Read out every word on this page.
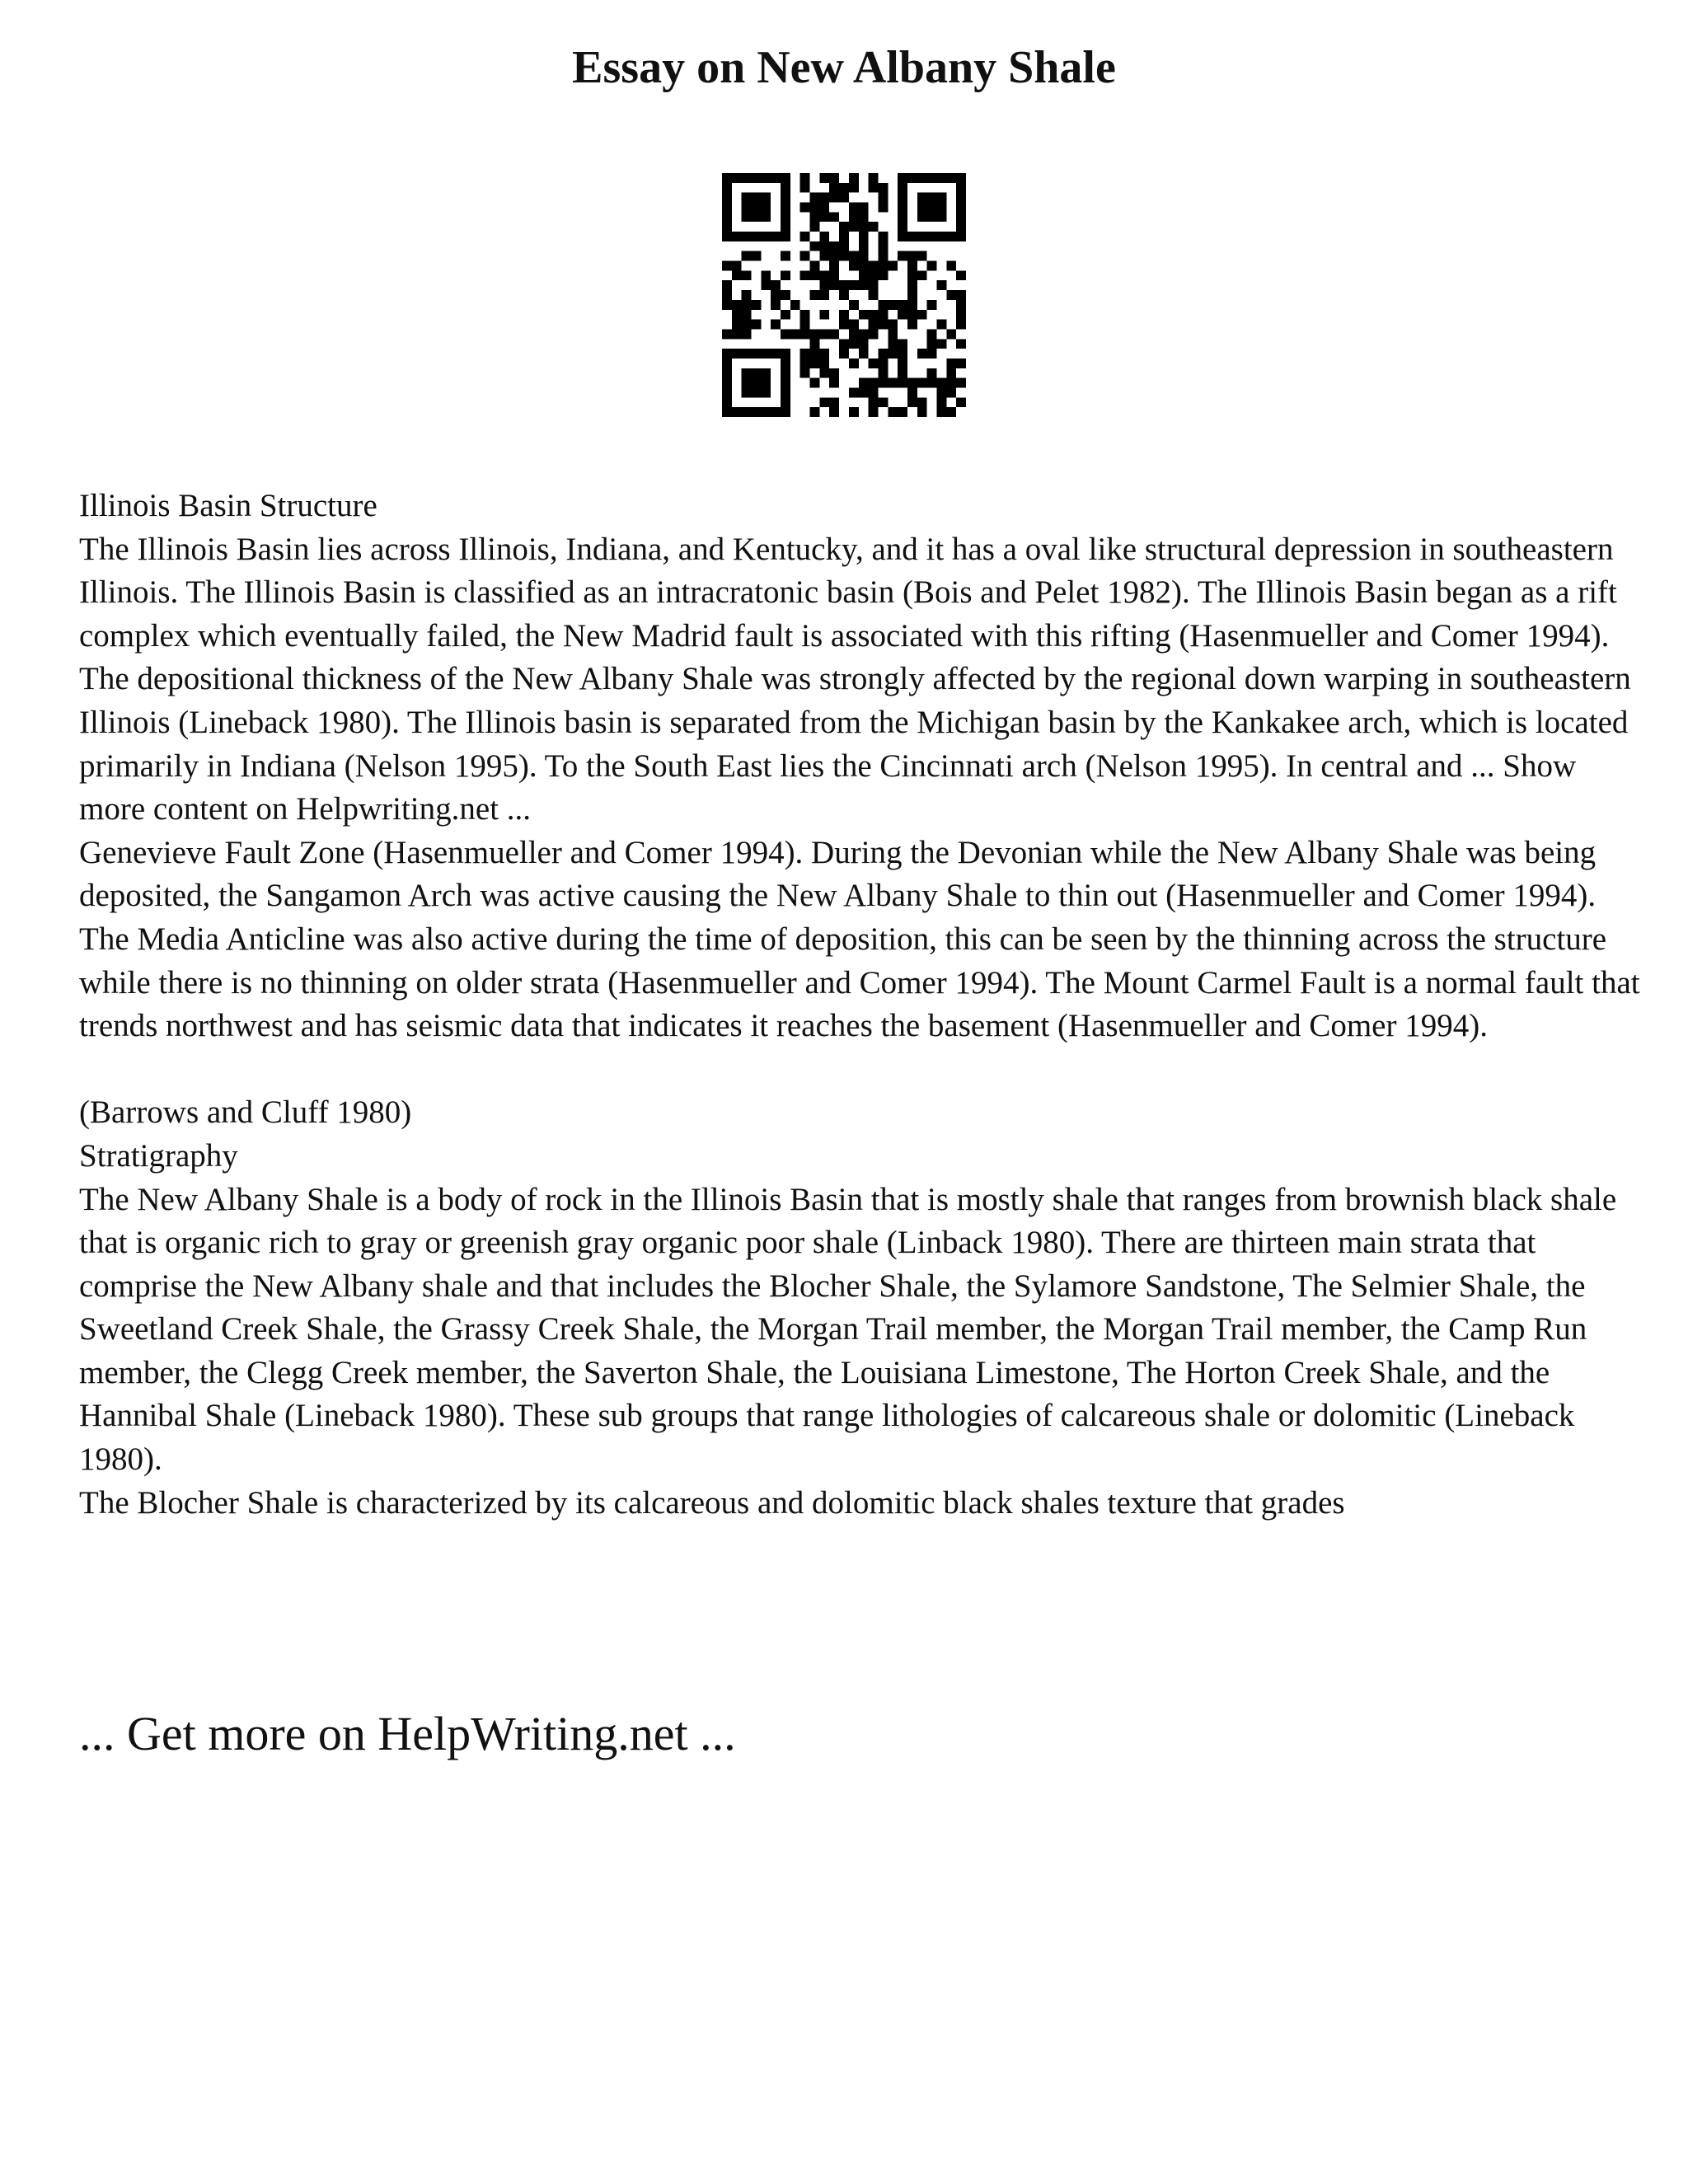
Essay on New Albany Shale

Illinois Basin Structure

The Illinois Basin lies across Illinois, Indiana, and Kentucky, and it has a oval like structural depression in southeastern Illinois. The Illinois Basin is classified as an intracratonic basin (Bois and Pelet 1982). The Illinois Basin began as a rift complex which eventually failed, the New Madrid fault is associated with this rifting (Hasenmueller and Comer 1994). The depositional thickness of the New Albany Shale was strongly affected by the regional down warping in southeastern Illinois (Lineback 1980). The Illinois basin is separated from the Michigan basin by the Kankakee arch, which is located primarily in Indiana (Nelson 1995). To the South East lies the Cincinnati arch (Nelson 1995). In central and ... Show more content on Helpwriting.net ...

Genevieve Fault Zone (Hasenmueller and Comer 1994). During the Devonian while the New Albany Shale was being deposited, the Sangamon Arch was active causing the New Albany Shale to thin out (Hasenmueller and Comer 1994). The Media Anticline was also active during the time of deposition, this can be seen by the thinning across the structure while there is no thinning on older strata (Hasenmueller and Comer 1994). The Mount Carmel Fault is a normal fault that trends northwest and has seismic data that indicates it reaches the basement (Hasenmueller and Comer 1994).

(Barrows and Cluff 1980)

Stratigraphy

The New Albany Shale is a body of rock in the Illinois Basin that is mostly shale that ranges from brownish black shale that is organic rich to gray or greenish gray organic poor shale (Linback 1980). There are thirteen main strata that comprise the New Albany shale and that includes the Blocher Shale, the Sylamore Sandstone, The Selmier Shale, the Sweetland Creek Shale, the Grassy Creek Shale, the Morgan Trail member, the Morgan Trail member, the Camp Run member, the Clegg Creek member, the Saverton Shale, the Louisiana Limestone, The Horton Creek Shale, and the Hannibal Shale (Lineback 1980). These sub groups that range lithologies of calcareous shale or dolomitic (Lineback 1980).

The Blocher Shale is characterized by its calcareous and dolomitic black shales texture that grades

... Get more on HelpWriting.net ...
